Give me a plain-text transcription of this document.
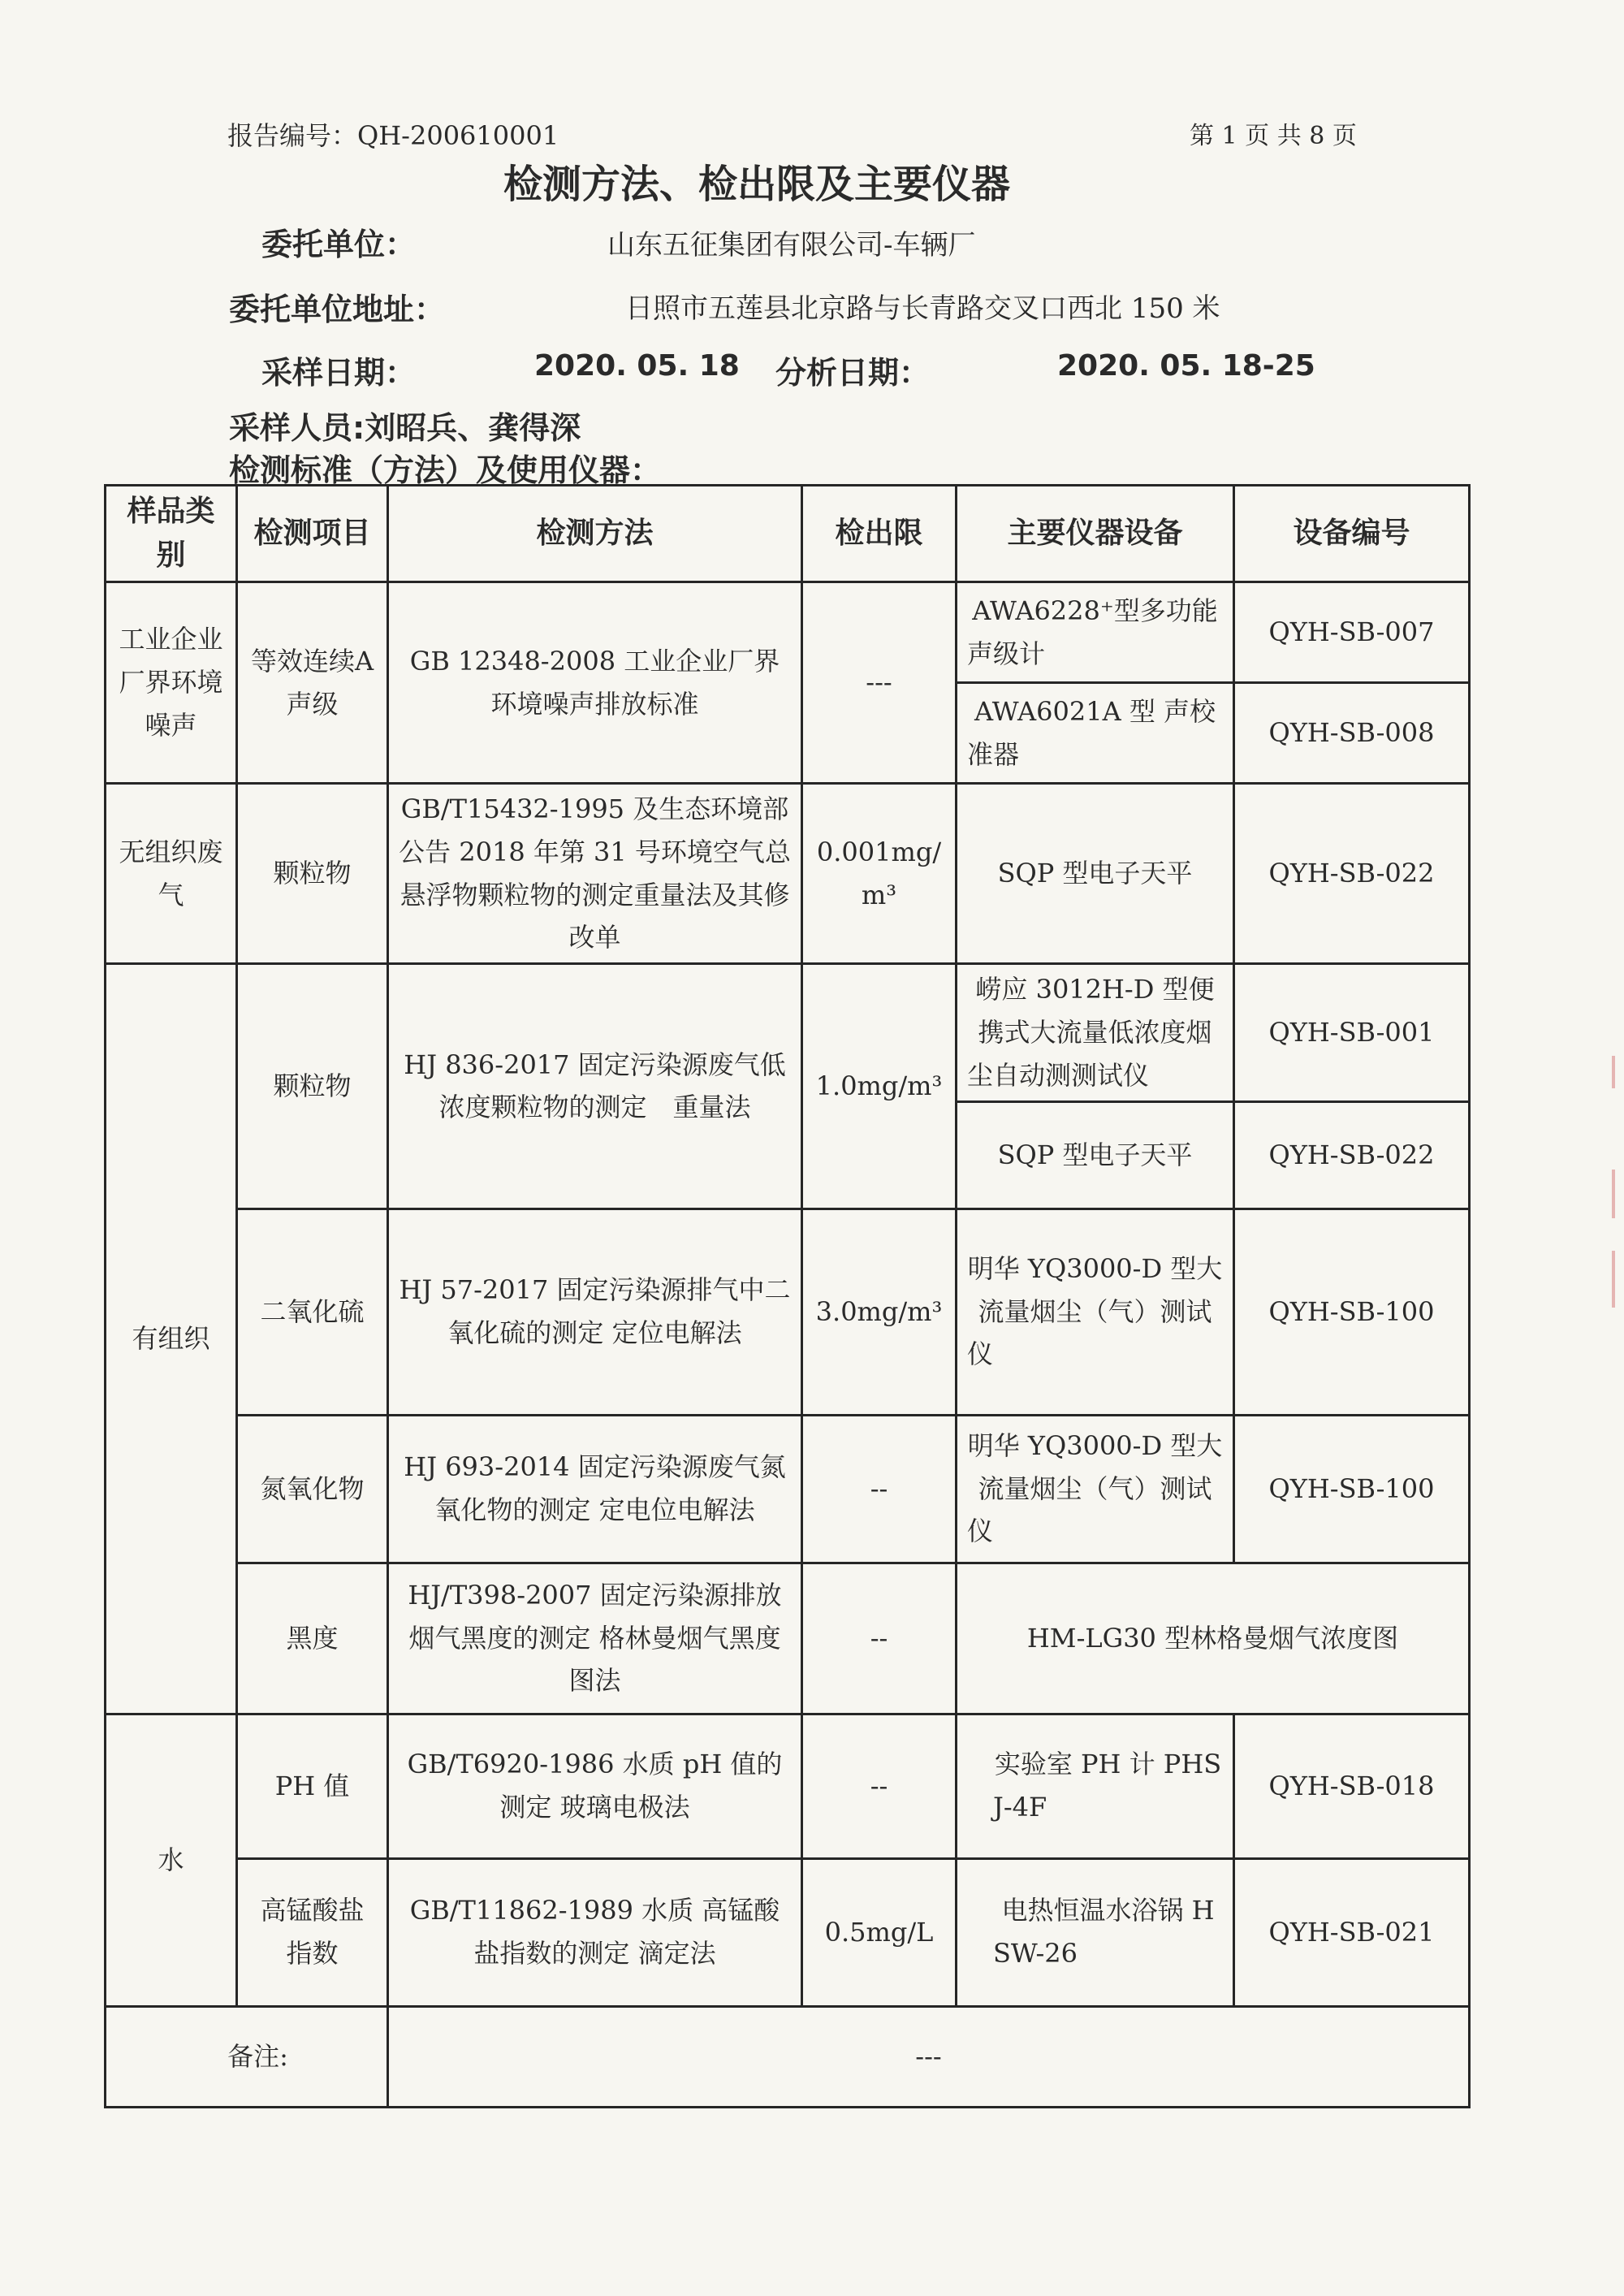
报告编号：QH-200610001	第 1 页 共 8 页
检测方法、检出限及主要仪器
委托单位：	山东五征集团有限公司-车辆厂
委托单位地址：	日照市五莲县北京路与长青路交叉口西北 150 米
采样日期：	2020. 05. 18 分析日期：	2020. 05. 18-25
采样人员:刘昭兵、龚得深
检测标准（方法）及使用仪器：
样品类别	检测项目	检测方法	检出限	主要仪器设备	设备编号
工业企业厂界环境噪声	等效连续A声级	GB 12348-2008 工业企业厂界环境噪声排放标准	---	AWA6228⁺型多功能声级计	QYH-SB-007
				AWA6021A 型 声校准器	QYH-SB-008
无组织废气	颗粒物	GB/T15432-1995 及生态环境部公告 2018 年第 31 号环境空气总悬浮物颗粒物的测定重量法及其修改单	0.001mg/m³	SQP 型电子天平	QYH-SB-022
有组织	颗粒物	HJ 836-2017 固定污染源废气低浓度颗粒物的测定　重量法	1.0mg/m³	崂应 3012H-D 型便携式大流量低浓度烟尘自动测测试仪	QYH-SB-001
				SQP 型电子天平	QYH-SB-022
	二氧化硫	HJ 57-2017 固定污染源排气中二氧化硫的测定 定位电解法	3.0mg/m³	明华 YQ3000-D 型大流量烟尘（气）测试仪	QYH-SB-100
	氮氧化物	HJ 693-2014 固定污染源废气氮氧化物的测定 定电位电解法	--	明华 YQ3000-D 型大流量烟尘（气）测试仪	QYH-SB-100
	黑度	HJ/T398-2007 固定污染源排放烟气黑度的测定 格林曼烟气黑度图法	--	HM-LG30 型林格曼烟气浓度图	
水	PH 值	GB/T6920-1986 水质 pH 值的测定 玻璃电极法	--	实验室 PH 计 PHSJ-4F	QYH-SB-018
	高锰酸盐指数	GB/T11862-1989 水质 高锰酸盐指数的测定 滴定法	0.5mg/L	电热恒温水浴锅 HSW-26	QYH-SB-021
备注:		---			
